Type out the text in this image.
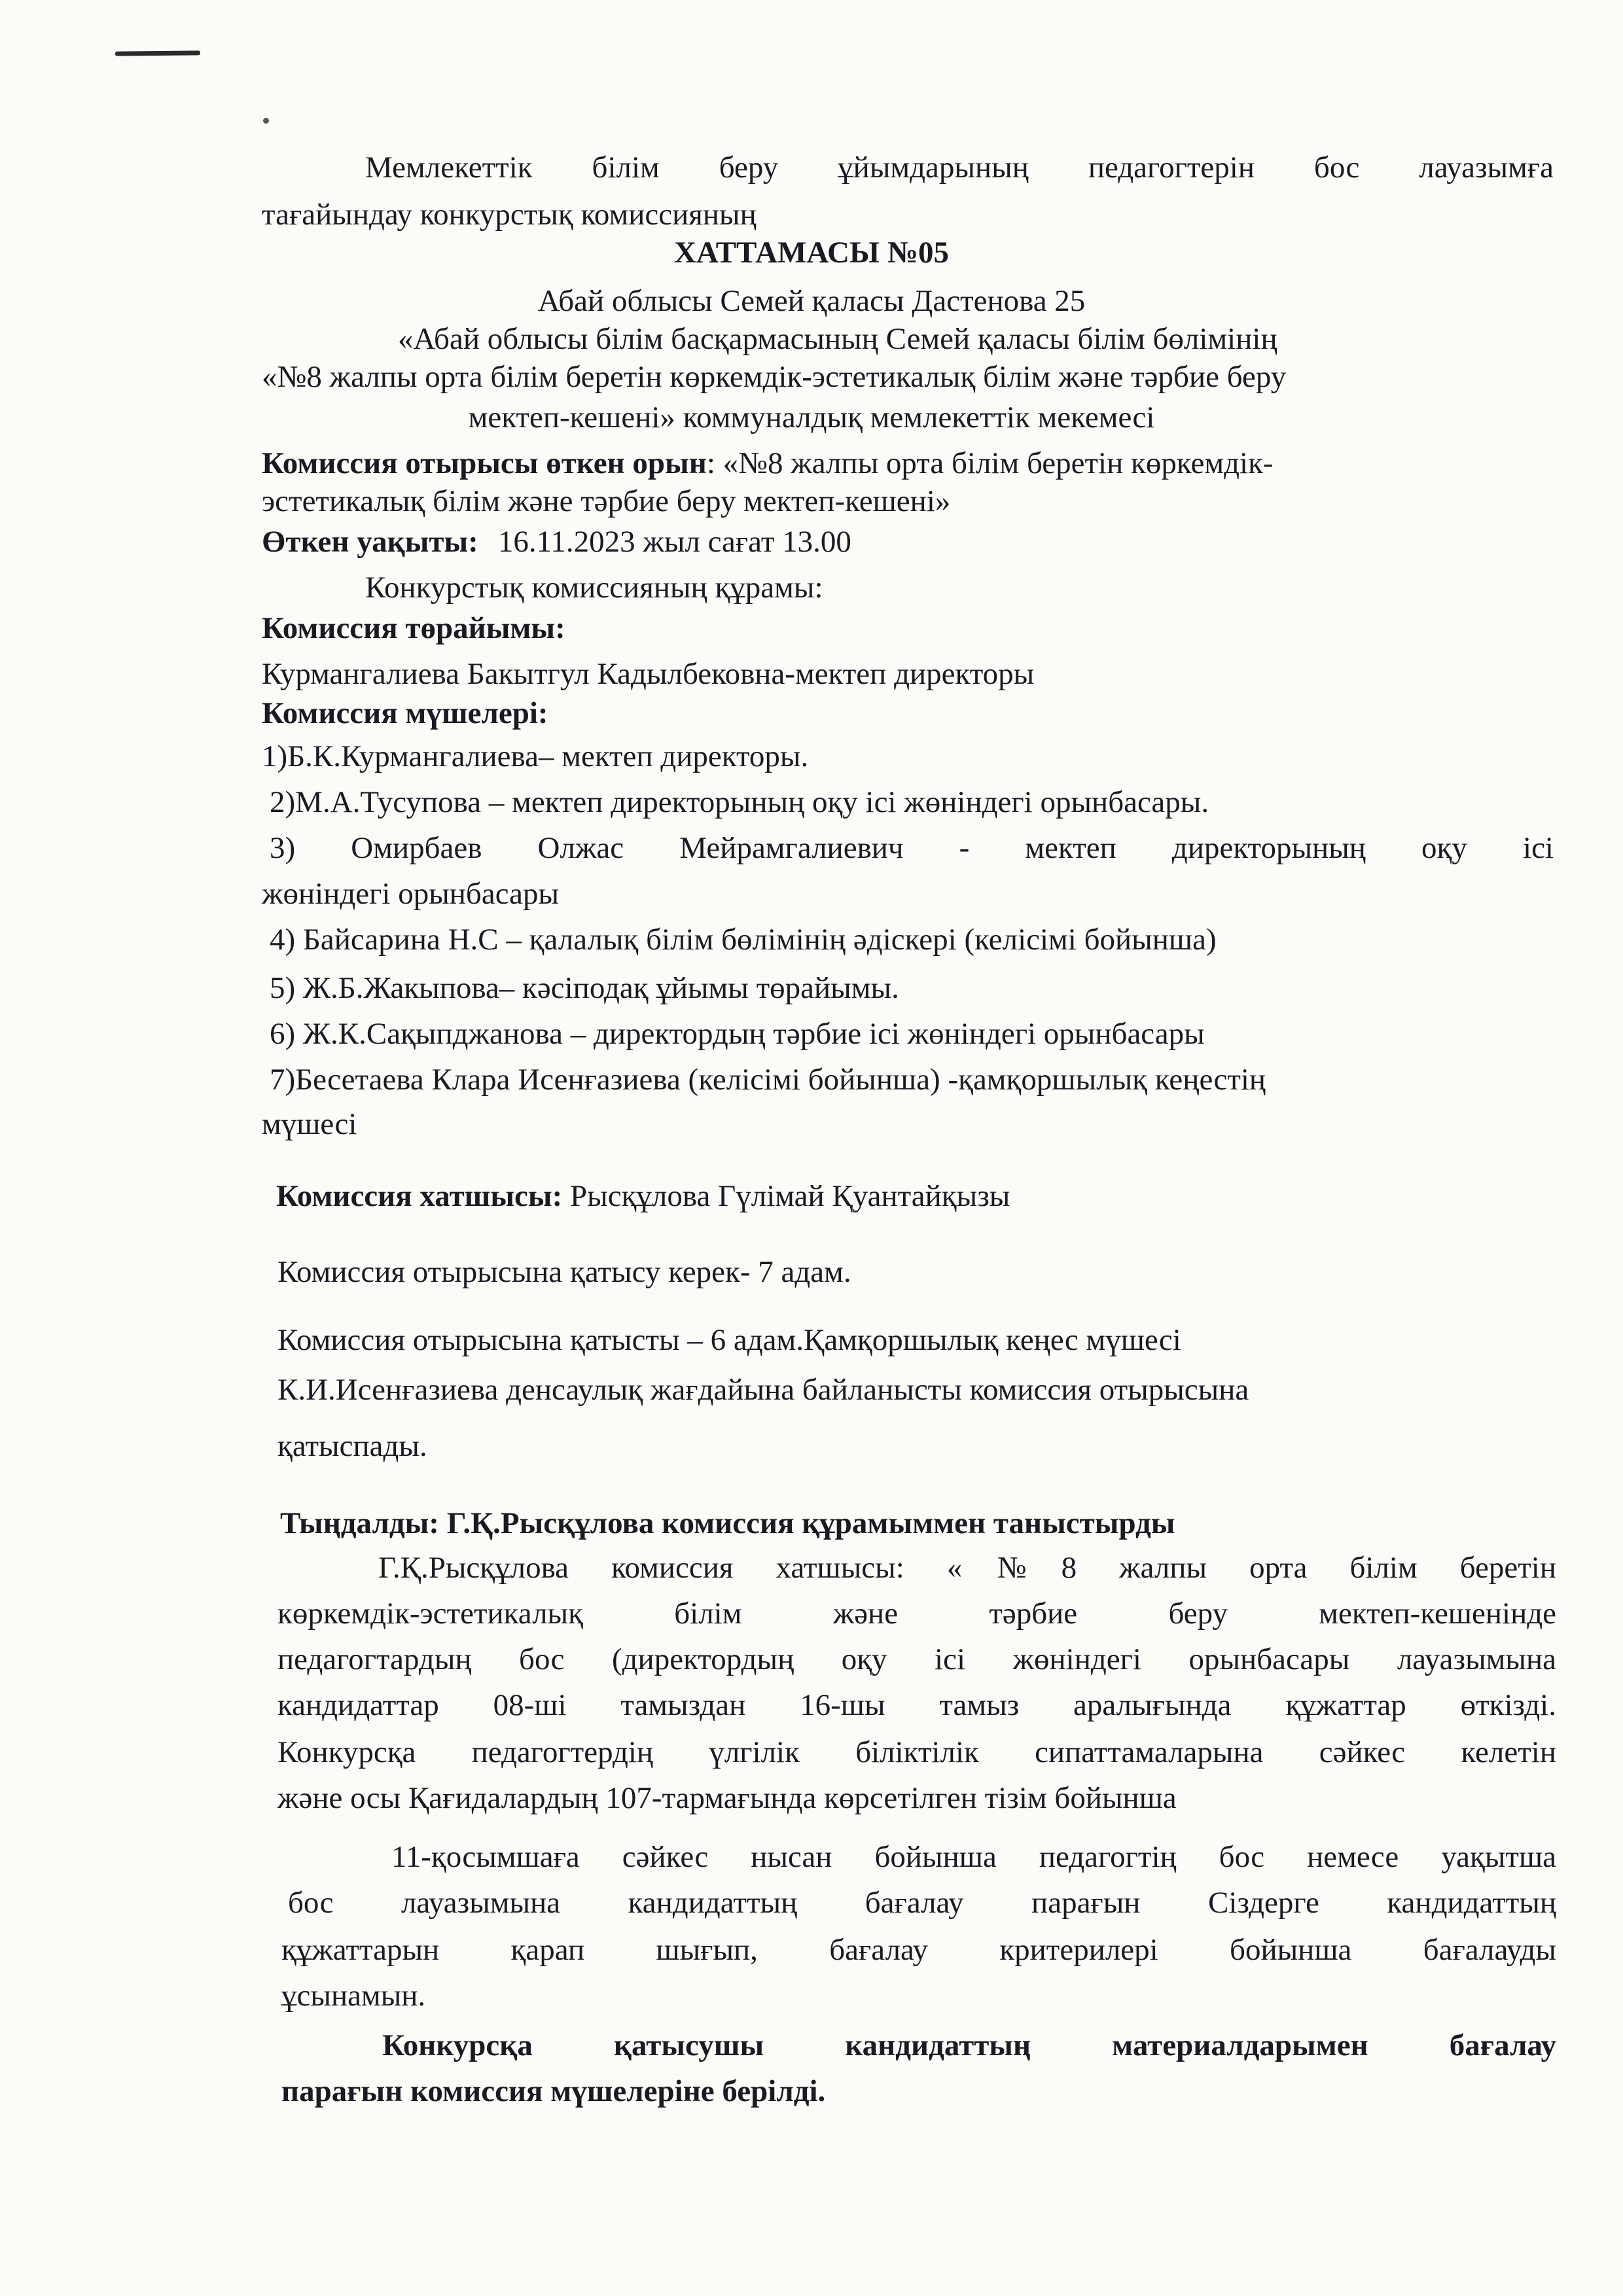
Мемлекеттік білім беру ұйымдарының педагогтерін бос лауазымға

тағайындау конкурстық комиссияның

ХАТТАМАСЫ №05

Абай облысы Семей қаласы Дастенова 25

«Абай облысы білім басқармасының Семей қаласы білім бөлімінің

«№8 жалпы орта білім беретін көркемдік-эстетикалық білім және тәрбие беру

мектеп-кешені» коммуналдық мемлекеттік мекемесі

Комиссия отырысы өткен орын: «№8 жалпы орта білім беретін көркемдік-

эстетикалық білім және тәрбие беру мектеп-кешені»

Өткен уақыты: 16.11.2023 жыл сағат 13.00

Конкурстық комиссияның құрамы:

Комиссия төрайымы:

Курмангалиева Бакытгул Кадылбековна-мектеп директоры

Комиссия мүшелері:

1)Б.К.Курмангалиева– мектеп директоры.

2)М.А.Тусупова – мектеп директорының оқу ісі жөніндегі орынбасары.

3) Омирбаев Олжас Мейрамгалиевич - мектеп директорының оқу ісі

жөніндегі орынбасары

4) Байсарина Н.С – қалалық білім бөлімінің әдіскері (келісімі бойынша)

5) Ж.Б.Жакыпова– кәсіподақ ұйымы төрайымы.

6) Ж.К.Сақыпджанова – директордың тәрбие ісі жөніндегі орынбасары

7)Бесетаева Клара Исенғазиева (келісімі бойынша) -қамқоршылық кеңестің

мүшесі

Комиссия хатшысы: Рысқұлова Гүлімай Қуантайқызы

Комиссия отырысына қатысу керек- 7 адам.

Комиссия отырысына қатысты – 6 адам.Қамқоршылық кеңес мүшесі

К.И.Исенғазиева денсаулық жағдайына байланысты комиссия отырысына

қатыспады.

Тыңдалды: Г.Қ.Рысқұлова комиссия құрамыммен таныстырды

Г.Қ.Рысқұлова комиссия хатшысы: «№8 жалпы орта білім беретін

көркемдік-эстетикалық білім және тәрбие беру мектеп-кешенінде

педагогтардың бос (директордың оқу ісі жөніндегі орынбасары лауазымына

кандидаттар 08-ші тамыздан 16-шы тамыз аралығында құжаттар өткізді.

Конкурсқа педагогтердің үлгілік біліктілік сипаттамаларына сәйкес келетін

және осы Қағидалардың 107-тармағында көрсетілген тізім бойынша

11-қосымшаға сәйкес нысан бойынша педагогтің бос немесе уақытша

бос лауазымына кандидаттың бағалау парағын Сіздерге кандидаттың

құжаттарын қарап шығып, бағалау критерилері бойынша бағалауды

ұсынамын.

Конкурсқа қатысушы кандидаттың материалдарымен бағалау

парағын комиссия мүшелеріне берілді.
